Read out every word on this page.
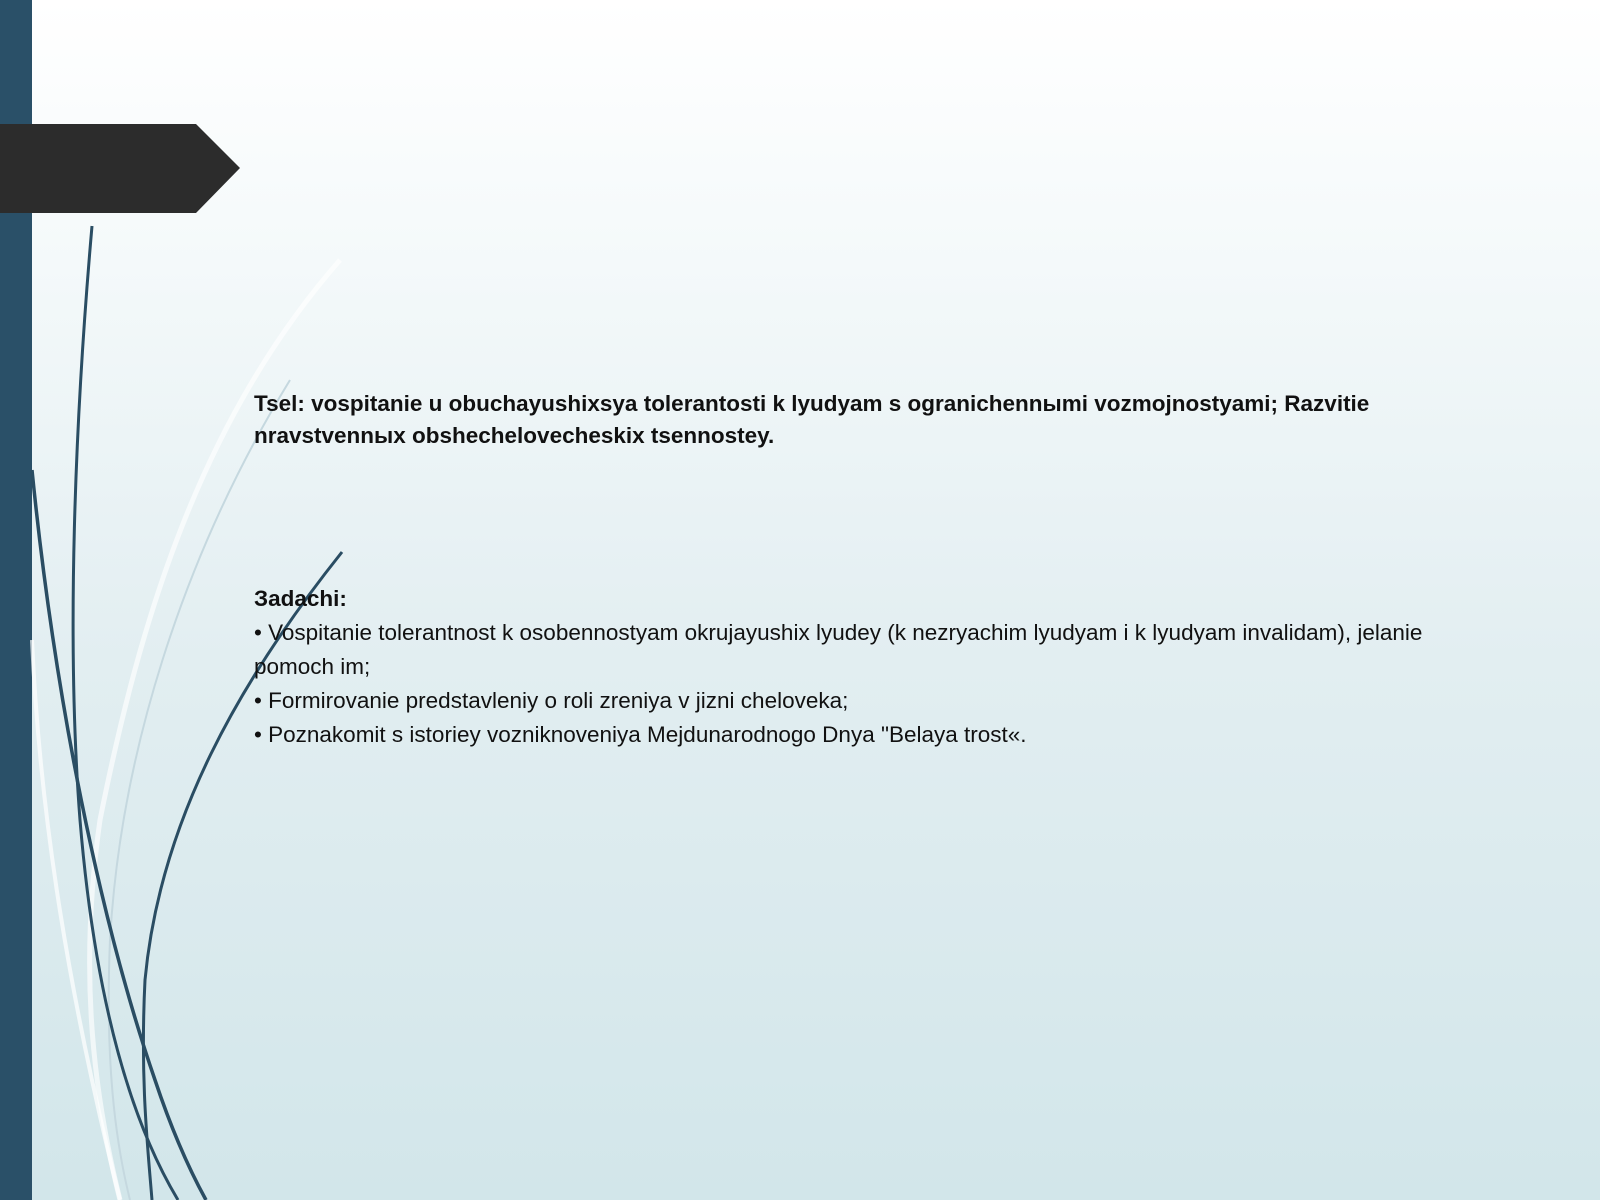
Tsel: vospitanie u obuchayushixsya tolerantosti k lyudyam s ogranichennыmi vozmojnostyami; Razvitie nravstvennыx obshechelovecheskix tsennostey.
Зadachi:
• Vospitanie tolerantnost k osobennostyam okrujayushix lyudey (k nezryachim lyudyam i k lyudyam invalidam), jelanie pomoch im;
• Formirovanie predstavleniy o roli zreniya v jizni cheloveka;
• Poznakomit s istoriey vozniknoveniya Mejdunarodnogo Dnya "Belaya trost«.
